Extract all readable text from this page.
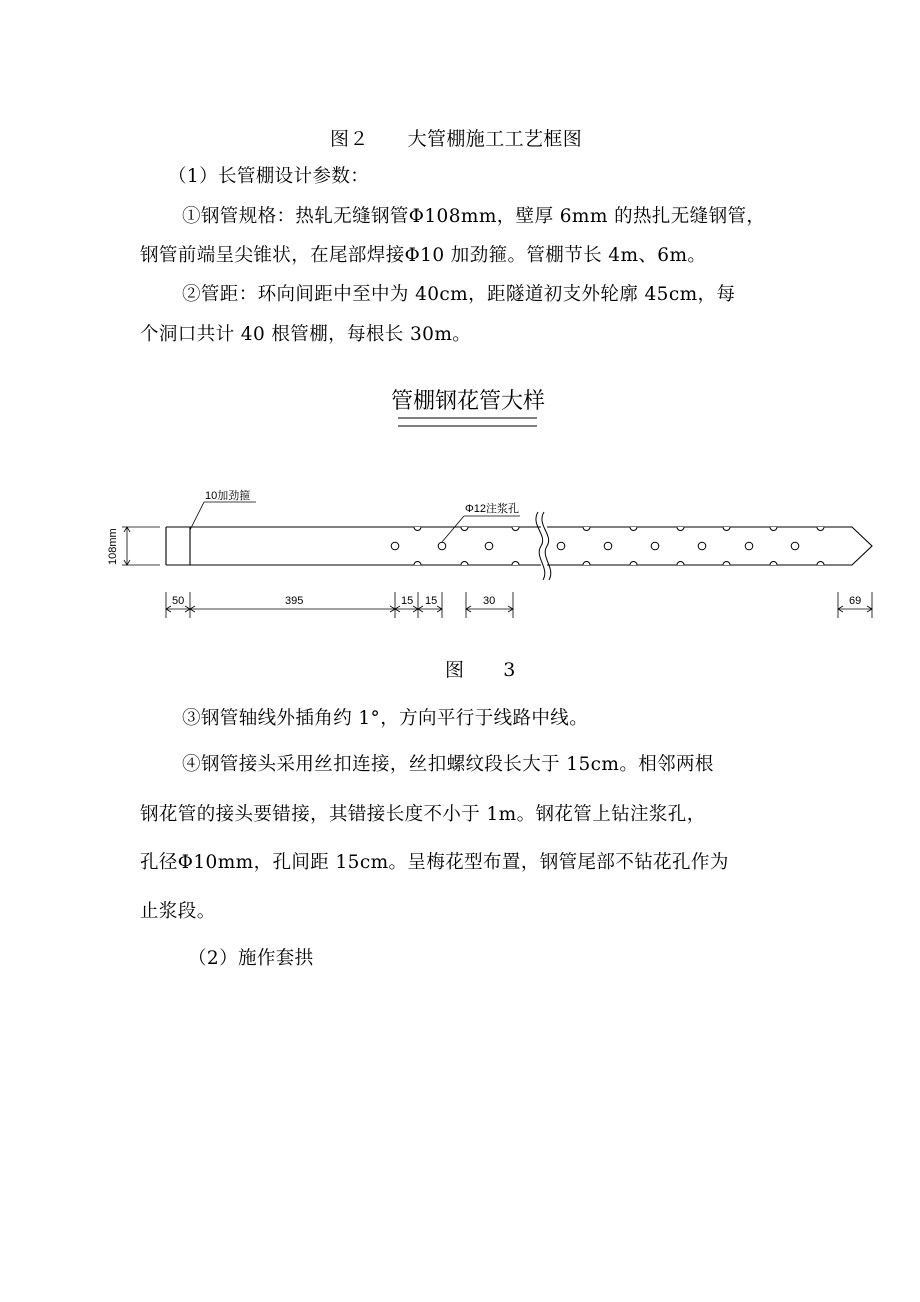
图２　　大管棚施工工艺框图
（1）长管棚设计参数：
①钢管规格：热轧无缝钢管Φ108mm，壁厚 6mm 的热扎无缝钢管，
钢管前端呈尖锥状，在尾部焊接Φ10 加劲箍。管棚节长 4m、6m。
②管距：环向间距中至中为 40cm，距隧道初支外轮廓 45cm，每
个洞口共计 40 根管棚，每根长 30m。
管棚钢花管大样
10加劲箍
Φ12注浆孔
108mm
50	395	15 15	30	69
图　　3
③钢管轴线外插角约 1°，方向平行于线路中线。
④钢管接头采用丝扣连接，丝扣螺纹段长大于 15cm。相邻两根
钢花管的接头要错接，其错接长度不小于 1m。钢花管上钻注浆孔，
孔径Φ10mm，孔间距 15cm。呈梅花型布置，钢管尾部不钻花孔作为
止浆段。
（2）施作套拱
